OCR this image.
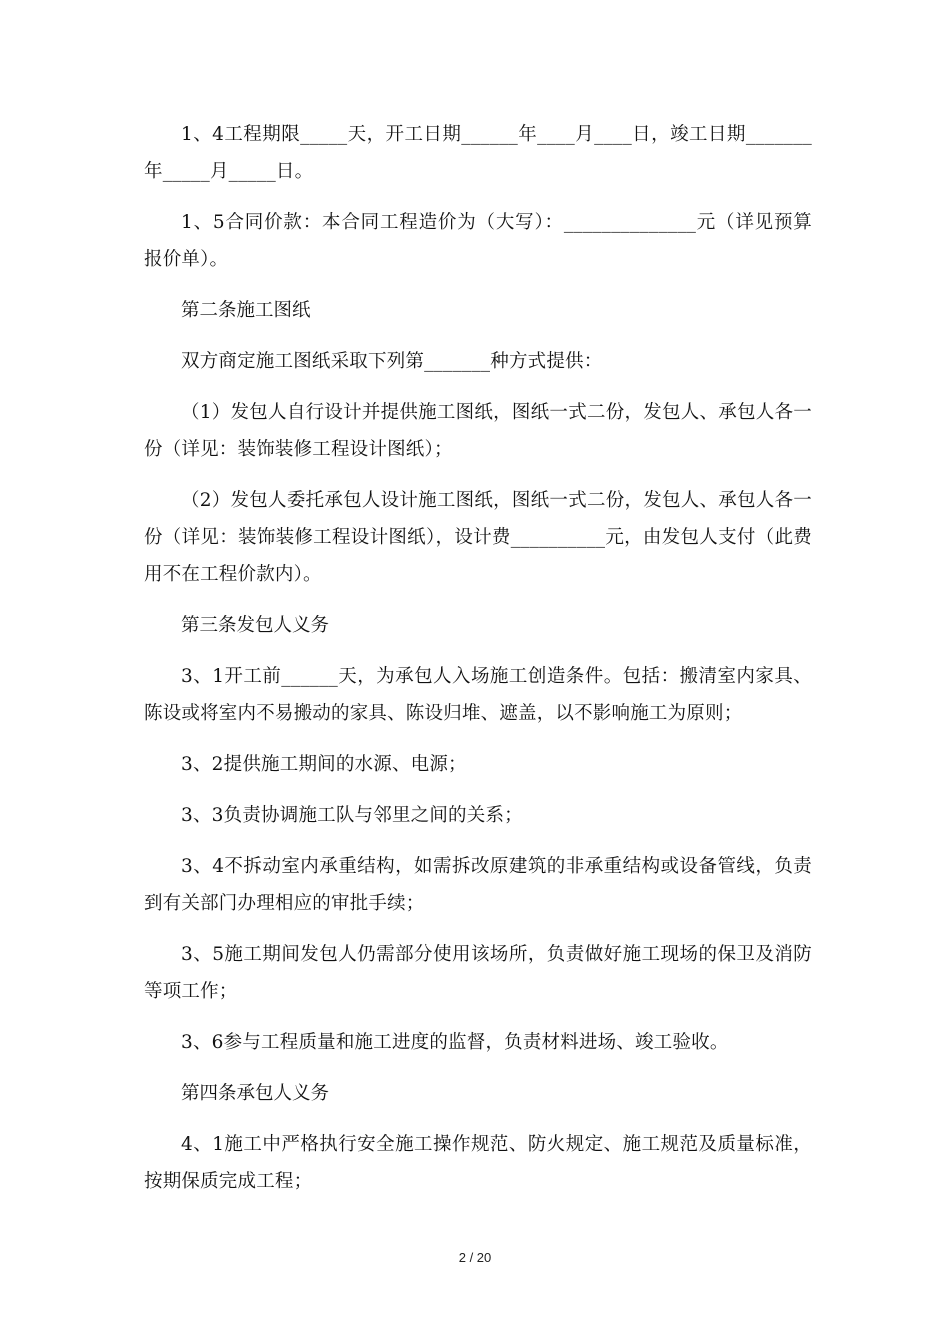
1、4工程期限_____天，开工日期______年____月____日，竣工日期_______年_____月_____日。

1、5合同价款：本合同工程造价为（大写）：______________元（详见预算报价单）。

第二条施工图纸

双方商定施工图纸采取下列第_______种方式提供：

（1）发包人自行设计并提供施工图纸，图纸一式二份，发包人、承包人各一份（详见：装饰装修工程设计图纸）；

（2）发包人委托承包人设计施工图纸，图纸一式二份，发包人、承包人各一份（详见：装饰装修工程设计图纸），设计费__________元，由发包人支付（此费用不在工程价款内）。

第三条发包人义务

3、1开工前______天，为承包人入场施工创造条件。包括：搬清室内家具、陈设或将室内不易搬动的家具、陈设归堆、遮盖，以不影响施工为原则；

3、2提供施工期间的水源、电源；

3、3负责协调施工队与邻里之间的关系；

3、4不拆动室内承重结构，如需拆改原建筑的非承重结构或设备管线，负责到有关部门办理相应的审批手续；

3、5施工期间发包人仍需部分使用该场所，负责做好施工现场的保卫及消防等项工作；

3、6参与工程质量和施工进度的监督，负责材料进场、竣工验收。

第四条承包人义务

4、1施工中严格执行安全施工操作规范、防火规定、施工规范及质量标准，按期保质完成工程；

2 / 20
